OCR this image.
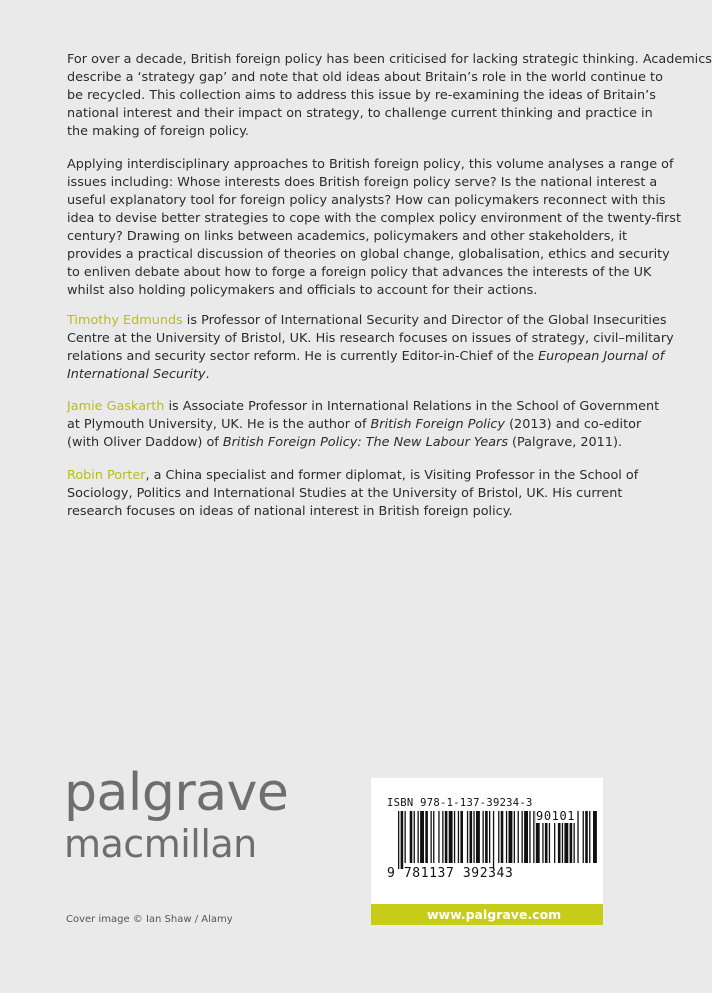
For over a decade, British foreign policy has been criticised for lacking strategic thinking. Academics
describe a ‘strategy gap’ and note that old ideas about Britain’s role in the world continue to
be recycled. This collection aims to address this issue by re-examining the ideas of Britain’s
national interest and their impact on strategy, to challenge current thinking and practice in
the making of foreign policy.

Applying interdisciplinary approaches to British foreign policy, this volume analyses a range of
issues including: Whose interests does British foreign policy serve? Is the national interest a
useful explanatory tool for foreign policy analysts? How can policymakers reconnect with this
idea to devise better strategies to cope with the complex policy environment of the twenty-first
century? Drawing on links between academics, policymakers and other stakeholders, it
provides a practical discussion of theories on global change, globalisation, ethics and security
to enliven debate about how to forge a foreign policy that advances the interests of the UK
whilst also holding policymakers and officials to account for their actions.

Timothy Edmunds is Professor of International Security and Director of the Global Insecurities
Centre at the University of Bristol, UK. His research focuses on issues of strategy, civil–military
relations and security sector reform. He is currently Editor-in-Chief of the European Journal of
International Security.

Jamie Gaskarth is Associate Professor in International Relations in the School of Government
at Plymouth University, UK. He is the author of British Foreign Policy (2013) and co-editor
(with Oliver Daddow) of British Foreign Policy: The New Labour Years (Palgrave, 2011).

Robin Porter, a China specialist and former diplomat, is Visiting Professor in the School of
Sociology, Politics and International Studies at the University of Bristol, UK. His current
research focuses on ideas of national interest in British foreign policy.

palgrave
macmillan
Cover image © Ian Shaw / Alamy
ISBN 978-1-137-39234-3
90101
9 781137 392343
www.palgrave.com
